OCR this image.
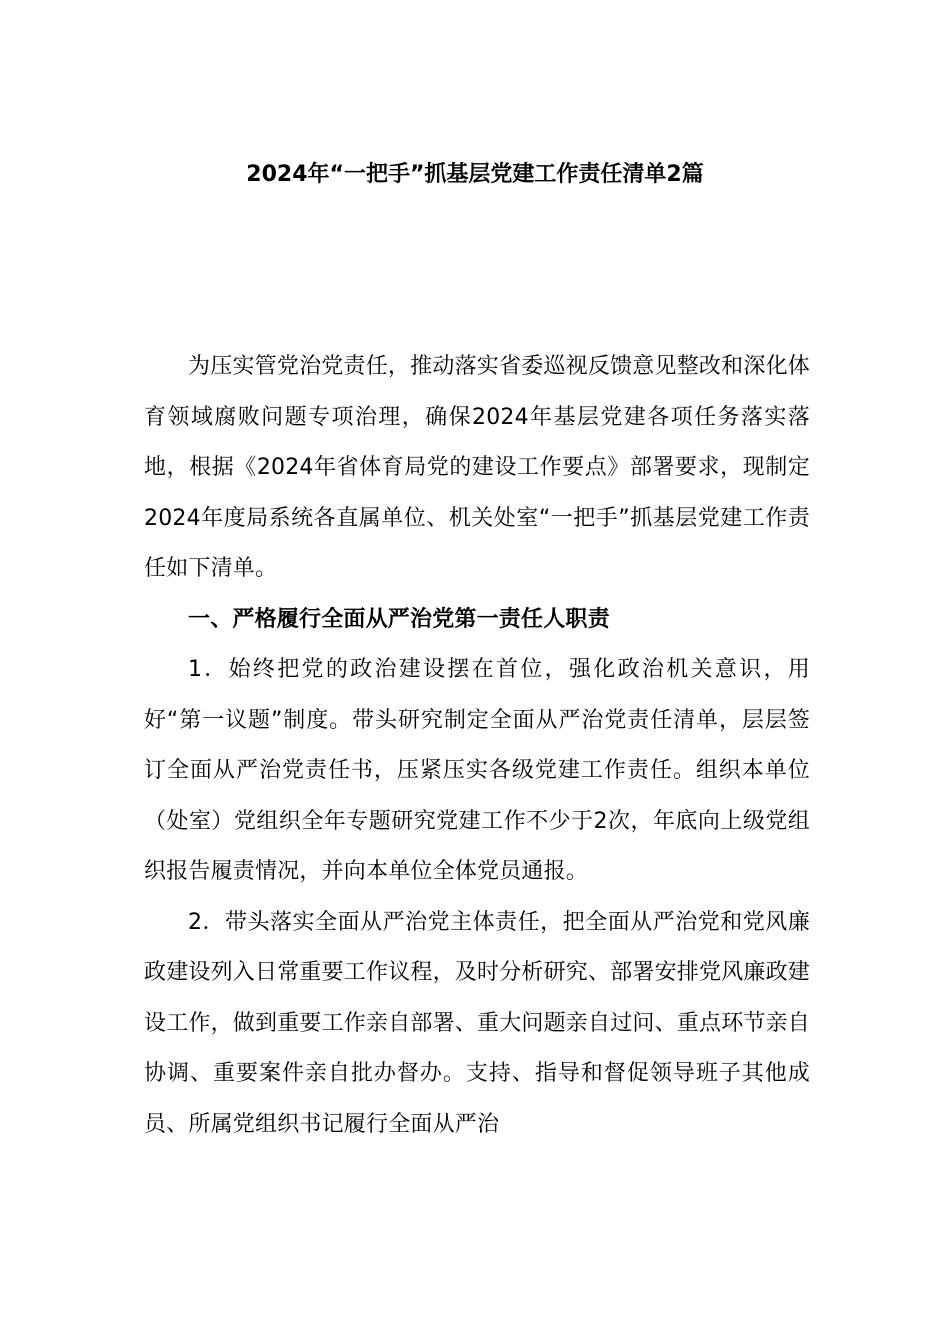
2024年“一把手”抓基层党建工作责任清单2篇

为压实管党治党责任，推动落实省委巡视反馈意见整改和深化体育领域腐败问题专项治理，确保2024年基层党建各项任务落实落地，根据《2024年省体育局党的建设工作要点》部署要求，现制定2024年度局系统各直属单位、机关处室“一把手”抓基层党建工作责任如下清单。

一、严格履行全面从严治党第一责任人职责

1．始终把党的政治建设摆在首位，强化政治机关意识，用好“第一议题”制度。带头研究制定全面从严治党责任清单，层层签订全面从严治党责任书，压紧压实各级党建工作责任。组织本单位（处室）党组织全年专题研究党建工作不少于2次，年底向上级党组织报告履责情况，并向本单位全体党员通报。

2．带头落实全面从严治党主体责任，把全面从严治党和党风廉政建设列入日常重要工作议程，及时分析研究、部署安排党风廉政建设工作，做到重要工作亲自部署、重大问题亲自过问、重点环节亲自协调、重要案件亲自批办督办。支持、指导和督促领导班子其他成员、所属党组织书记履行全面从严治
